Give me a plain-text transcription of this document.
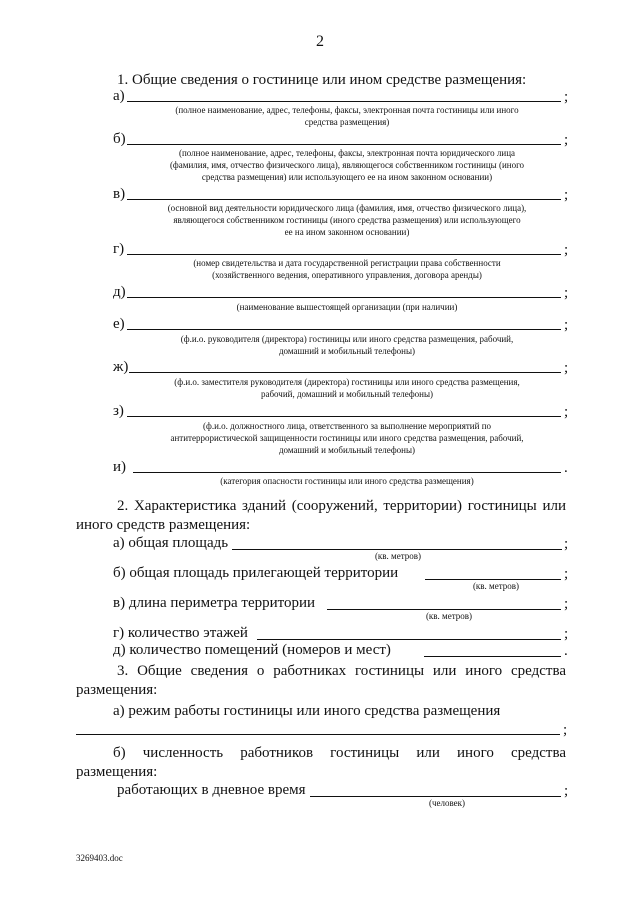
2
1. Общие сведения о гостинице или ином средстве размещения:
а)	;
(полное наименование, адрес, телефоны, факсы, электронная почта гостиницы или иного
средства размещения)
б)	;
(полное наименование, адрес, телефоны, факсы, электронная почта юридического лица
(фамилия, имя, отчество физического лица), являющегося собственником гостиницы (иного
средства размещения) или использующего ее на ином законном основании)
в)	;
(основной вид деятельности юридического лица (фамилия, имя, отчество физического лица),
являющегося собственником гостиницы (иного средства размещения) или использующего
ее на ином законном основании)
г)	;
(номер свидетельства и дата государственной регистрации права собственности
(хозяйственного ведения, оперативного управления, договора аренды)
д)	;
(наименование вышестоящей организации (при наличии)
е)	;
(ф.и.о. руководителя (директора) гостиницы или иного средства размещения, рабочий,
домашний и мобильный телефоны)
ж)	;
(ф.и.о. заместителя руководителя (директора) гостиницы или иного средства размещения,
рабочий, домашний и мобильный телефоны)
з)	;
(ф.и.о. должностного лица, ответственного за выполнение мероприятий по
антитеррористической защищенности гостиницы или иного средства размещения, рабочий,
домашний и мобильный телефоны)
и)	.
(категория опасности гостиницы или иного средства размещения)
2. Характеристика зданий (сооружений, территории) гостиницы или
иного средств размещения:
а) общая площадь	;
(кв. метров)
б) общая площадь прилегающей территории	;
(кв. метров)
в) длина периметра территории	;
(кв. метров)
г) количество этажей	;
д) количество помещений (номеров и мест)	.
3. Общие сведения о работниках гостиницы или иного средства
размещения:
а) режим работы гостиницы или иного средства размещения
;
б) численность работников гостиницы или иного средства
размещения:
работающих в дневное время	;
(человек)
3269403.doc
